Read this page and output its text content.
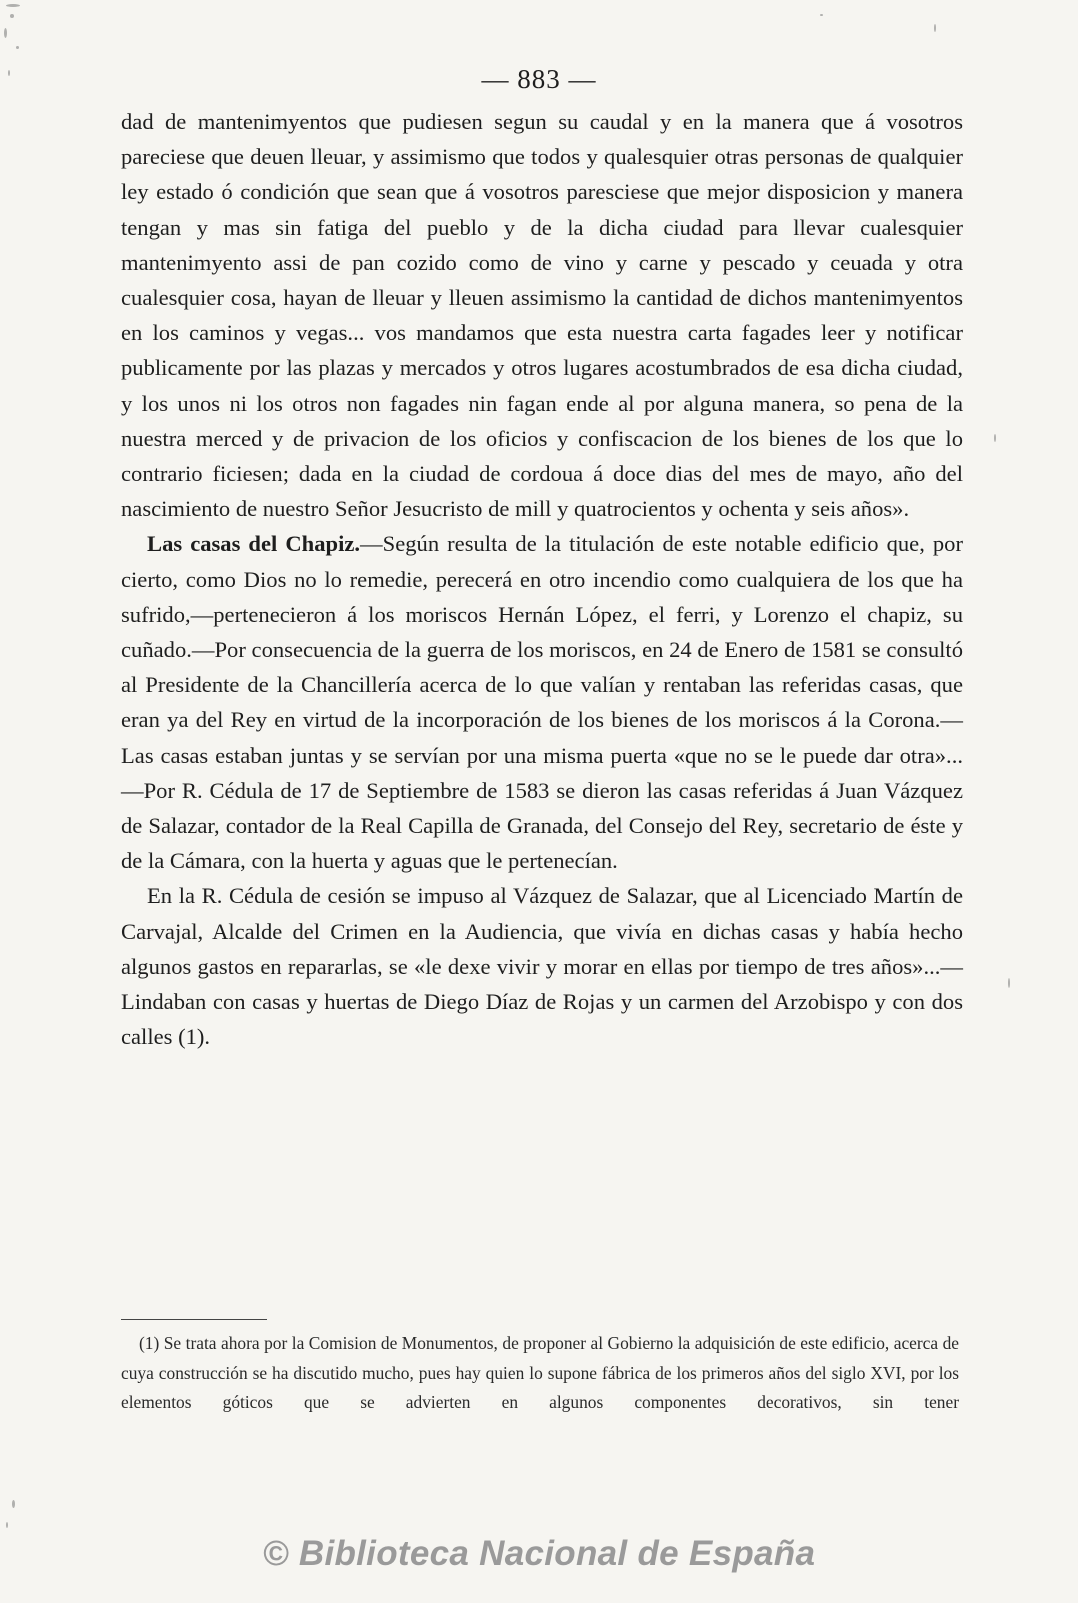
— 883 —

dad de mantenimyentos que pudiesen segun su caudal y en la manera que á vosotros pareciese que deuen lleuar, y assimismo que todos y qualesquier otras personas de qualquier ley estado ó condición que sean que á vosotros paresciese que mejor disposicion y manera tengan y mas sin fatiga del pueblo y de la dicha ciudad para llevar cualesquier mantenimyento assi de pan cozido como de vino y carne y pescado y ceuada y otra cualesquier cosa, hayan de lleuar y lleuen assimismo la cantidad de dichos mantenimyentos en los caminos y vegas... vos mandamos que esta nuestra carta fagades leer y notificar publicamente por las plazas y mercados y otros lugares acostumbrados de esa dicha ciudad, y los unos ni los otros non fagades nin fagan ende al por alguna manera, so pena de la nuestra merced y de privacion de los oficios y confiscacion de los bienes de los que lo contrario ficiesen; dada en la ciudad de cordoua á doce dias del mes de mayo, año del nascimiento de nuestro Señor Jesucristo de mill y quatrocientos y ochenta y seis años».

Las casas del Chapiz.—Según resulta de la titulación de este notable edificio que, por cierto, como Dios no lo remedie, perecerá en otro incendio como cualquiera de los que ha sufrido,—pertenecieron á los moriscos Hernán López, el ferri, y Lorenzo el chapiz, su cuñado.—Por consecuencia de la guerra de los moriscos, en 24 de Enero de 1581 se consultó al Presidente de la Chancillería acerca de lo que valían y rentaban las referidas casas, que eran ya del Rey en virtud de la incorporación de los bienes de los moriscos á la Corona.—Las casas estaban juntas y se servían por una misma puerta «que no se le puede dar otra»...—Por R. Cédula de 17 de Septiembre de 1583 se dieron las casas referidas á Juan Vázquez de Salazar, contador de la Real Capilla de Granada, del Consejo del Rey, secretario de éste y de la Cámara, con la huerta y aguas que le pertenecían.

En la R. Cédula de cesión se impuso al Vázquez de Salazar, que al Licenciado Martín de Carvajal, Alcalde del Crimen en la Audiencia, que vivía en dichas casas y había hecho algunos gastos en repararlas, se «le dexe vivir y morar en ellas por tiempo de tres años»...—Lindaban con casas y huertas de Diego Díaz de Rojas y un carmen del Arzobispo y con dos calles (1).

(1) Se trata ahora por la Comision de Monumentos, de proponer al Gobierno la adquisición de este edificio, acerca de cuya construcción se ha discutido mucho, pues hay quien lo supone fábrica de los primeros años del siglo XVI, por los elementos góticos que se advierten en algunos componentes decorativos, sin tener

© Biblioteca Nacional de España
